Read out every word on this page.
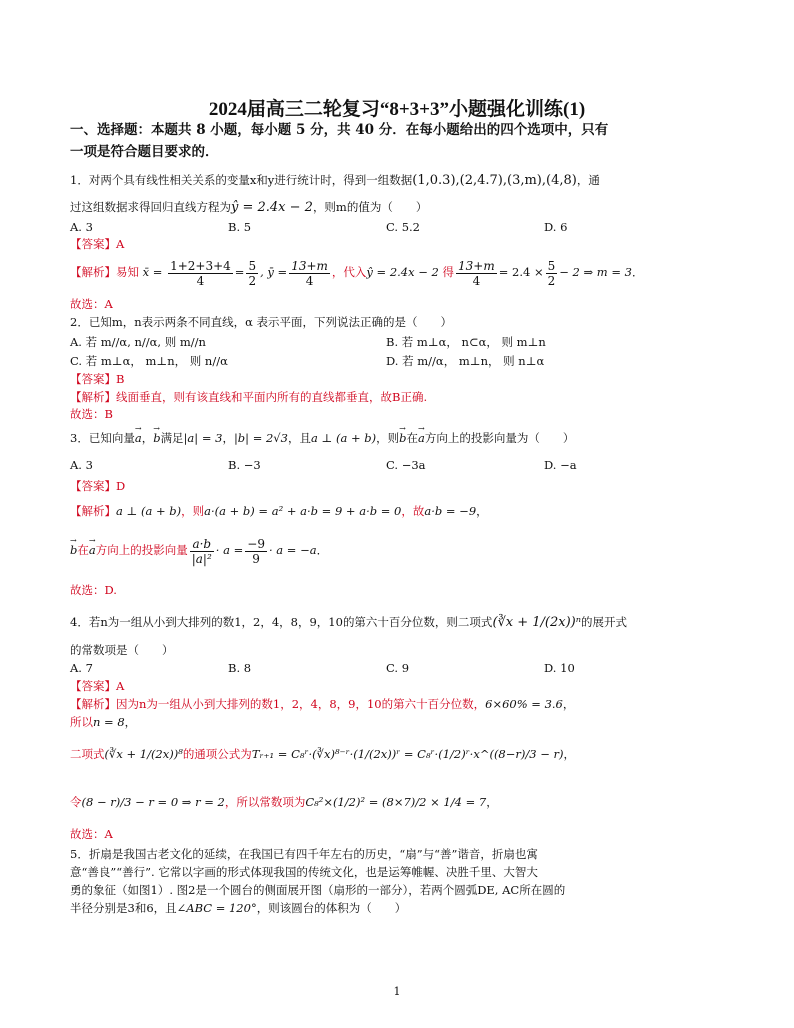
2024届高三二轮复习“8+3+3”小题强化训练(1)
一、选择题：本题共 8 小题，每小题 5 分，共 40 分．在每小题给出的四个选项中，只有
一项是符合题目要求的．
1．对两个具有线性相关关系的变量x和y进行统计时，得到一组数据(1,0.3),(2,4.7),(3,m),(4,8)，通
过这组数据求得回归直线方程为ŷ = 2.4x − 2，则m的值为（　　）
A. 3	B. 5	C. 5.2	D. 6
【答案】A
【解析】易知 x̄ = $\frac{1+2+3+4}{4} = \frac{5}{2}$ , ȳ = $\frac{13+m}{4}$ ，代入ŷ = 2.4x − 2 得 $\frac{13+m}{4} = 2.4 \times \frac{5}{2} - 2$ ⇒ m = 3．
故选：A
2．已知m，n表示两条不同直线，α 表示平面，下列说法正确的是（　　）
A. 若 m//α, n//α, 则 m//n	B. 若 m⊥α， n⊂α， 则 m⊥n
C. 若 m⊥α， m⊥n， 则 n//α	D. 若 m//α， m⊥n， 则 n⊥α
【答案】B
【解析】线面垂直，则有该直线和平面内所有的直线都垂直，故B正确.
故选：B
3．已知向量→ a，→ b满足|a| = 3，|b| = 2√3，且a ⊥ (a + b)，则→ b在→ a方向上的投影向量为（　　）
A. 3	B. −3	C. −3a	D. −a
【答案】D
【解析】a ⊥ (a + b)，则a·(a + b) = a² + a·b = 9 + a·b = 0，故a·b = −9，
→ b在→ a方向上的投影向量 $\frac{a\cdot b}{\text{|a|²}} \cdot a = \frac{-9}{9} \cdot a = -a$．
故选：D.
4．若n为一组从小到大排列的数1，2，4，8，9，10的第六十百分位数，则二项式(∛x + 1/(2x))ⁿ的展开式
的常数项是（　　）
A. 7	B. 8	C. 9	D. 10
【答案】A
【解析】因为n为一组从小到大排列的数1，2，4，8，9，10的第六十百分位数，6×60% = 3.6，
所以n = 8，
二项式(∛x + 1/(2x))⁸的通项公式为Tᵣ₊₁ = C₈ʳ·(∛x)⁸⁻ʳ·(1/(2x))ʳ = C₈ʳ·(1/2)ʳ·x^((8−r)/3 − r)，
令(8 − r)/3 − r = 0 ⇒ r = 2，所以常数项为C₈²×(1/2)² = (8×7)/2 × 1/4 = 7，
故选：A
5．折扇是我国古老文化的延续，在我国已有四千年左右的历史，“扇”与“善”谐音，折扇也寓
意“善良”“善行”. 它常以字画的形式体现我国的传统文化，也是运筹帷幄、决胜千里、大智大
勇的象征（如图1）. 图2是一个圆台的侧面展开图（扇形的一部分），若两个圆弧DE, AC所在圆的
半径分别是3和6，且∠ABC = 120°，则该圆台的体积为（　　）
1
